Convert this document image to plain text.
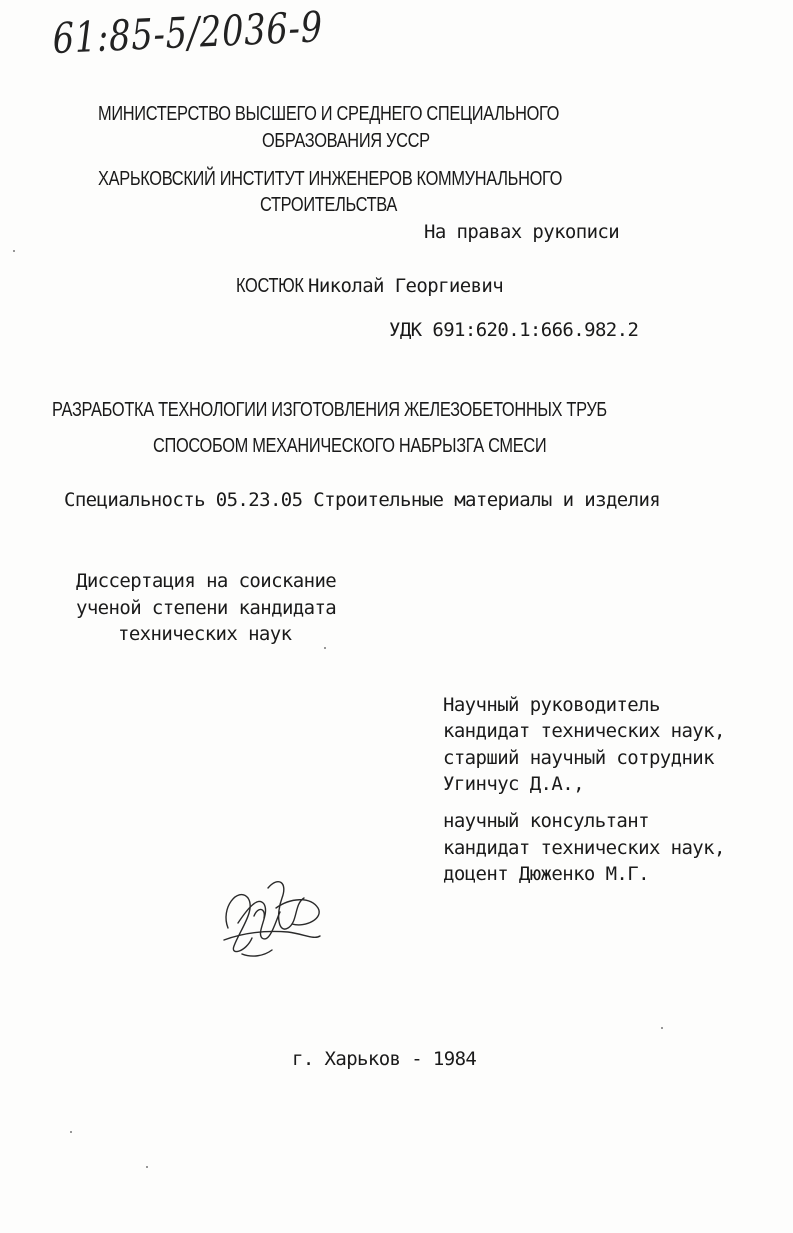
61:85-5/2036-9
МИНИСТЕРСТВО ВЫСШЕГО И СРЕДНЕГО СПЕЦИАЛЬНОГО
ОБРАЗОВАНИЯ УССР
ХАРЬКОВСКИЙ ИНСТИТУТ ИНЖЕНЕРОВ КОММУНАЛЬНОГО
СТРОИТЕЛЬСТВА
На правах рукописи
КОСТЮК Николай Георгиевич
УДК 691:620.1:666.982.2
РАЗРАБОТКА ТЕХНОЛОГИИ ИЗГОТОВЛЕНИЯ ЖЕЛЕЗОБЕТОННЫХ ТРУБ
СПОСОБОМ МЕХАНИЧЕСКОГО НАБРЫЗГА СМЕСИ
Специальность 05.23.05 Строительные материалы и изделия
Диссертация на соискание
ученой степени кандидата
технических наук
Научный руководитель
кандидат технических наук,
старший научный сотрудник
Угинчус Д.А.,
научный консультант
кандидат технических наук,
доцент Дюженко М.Г.
г. Харьков - 1984
